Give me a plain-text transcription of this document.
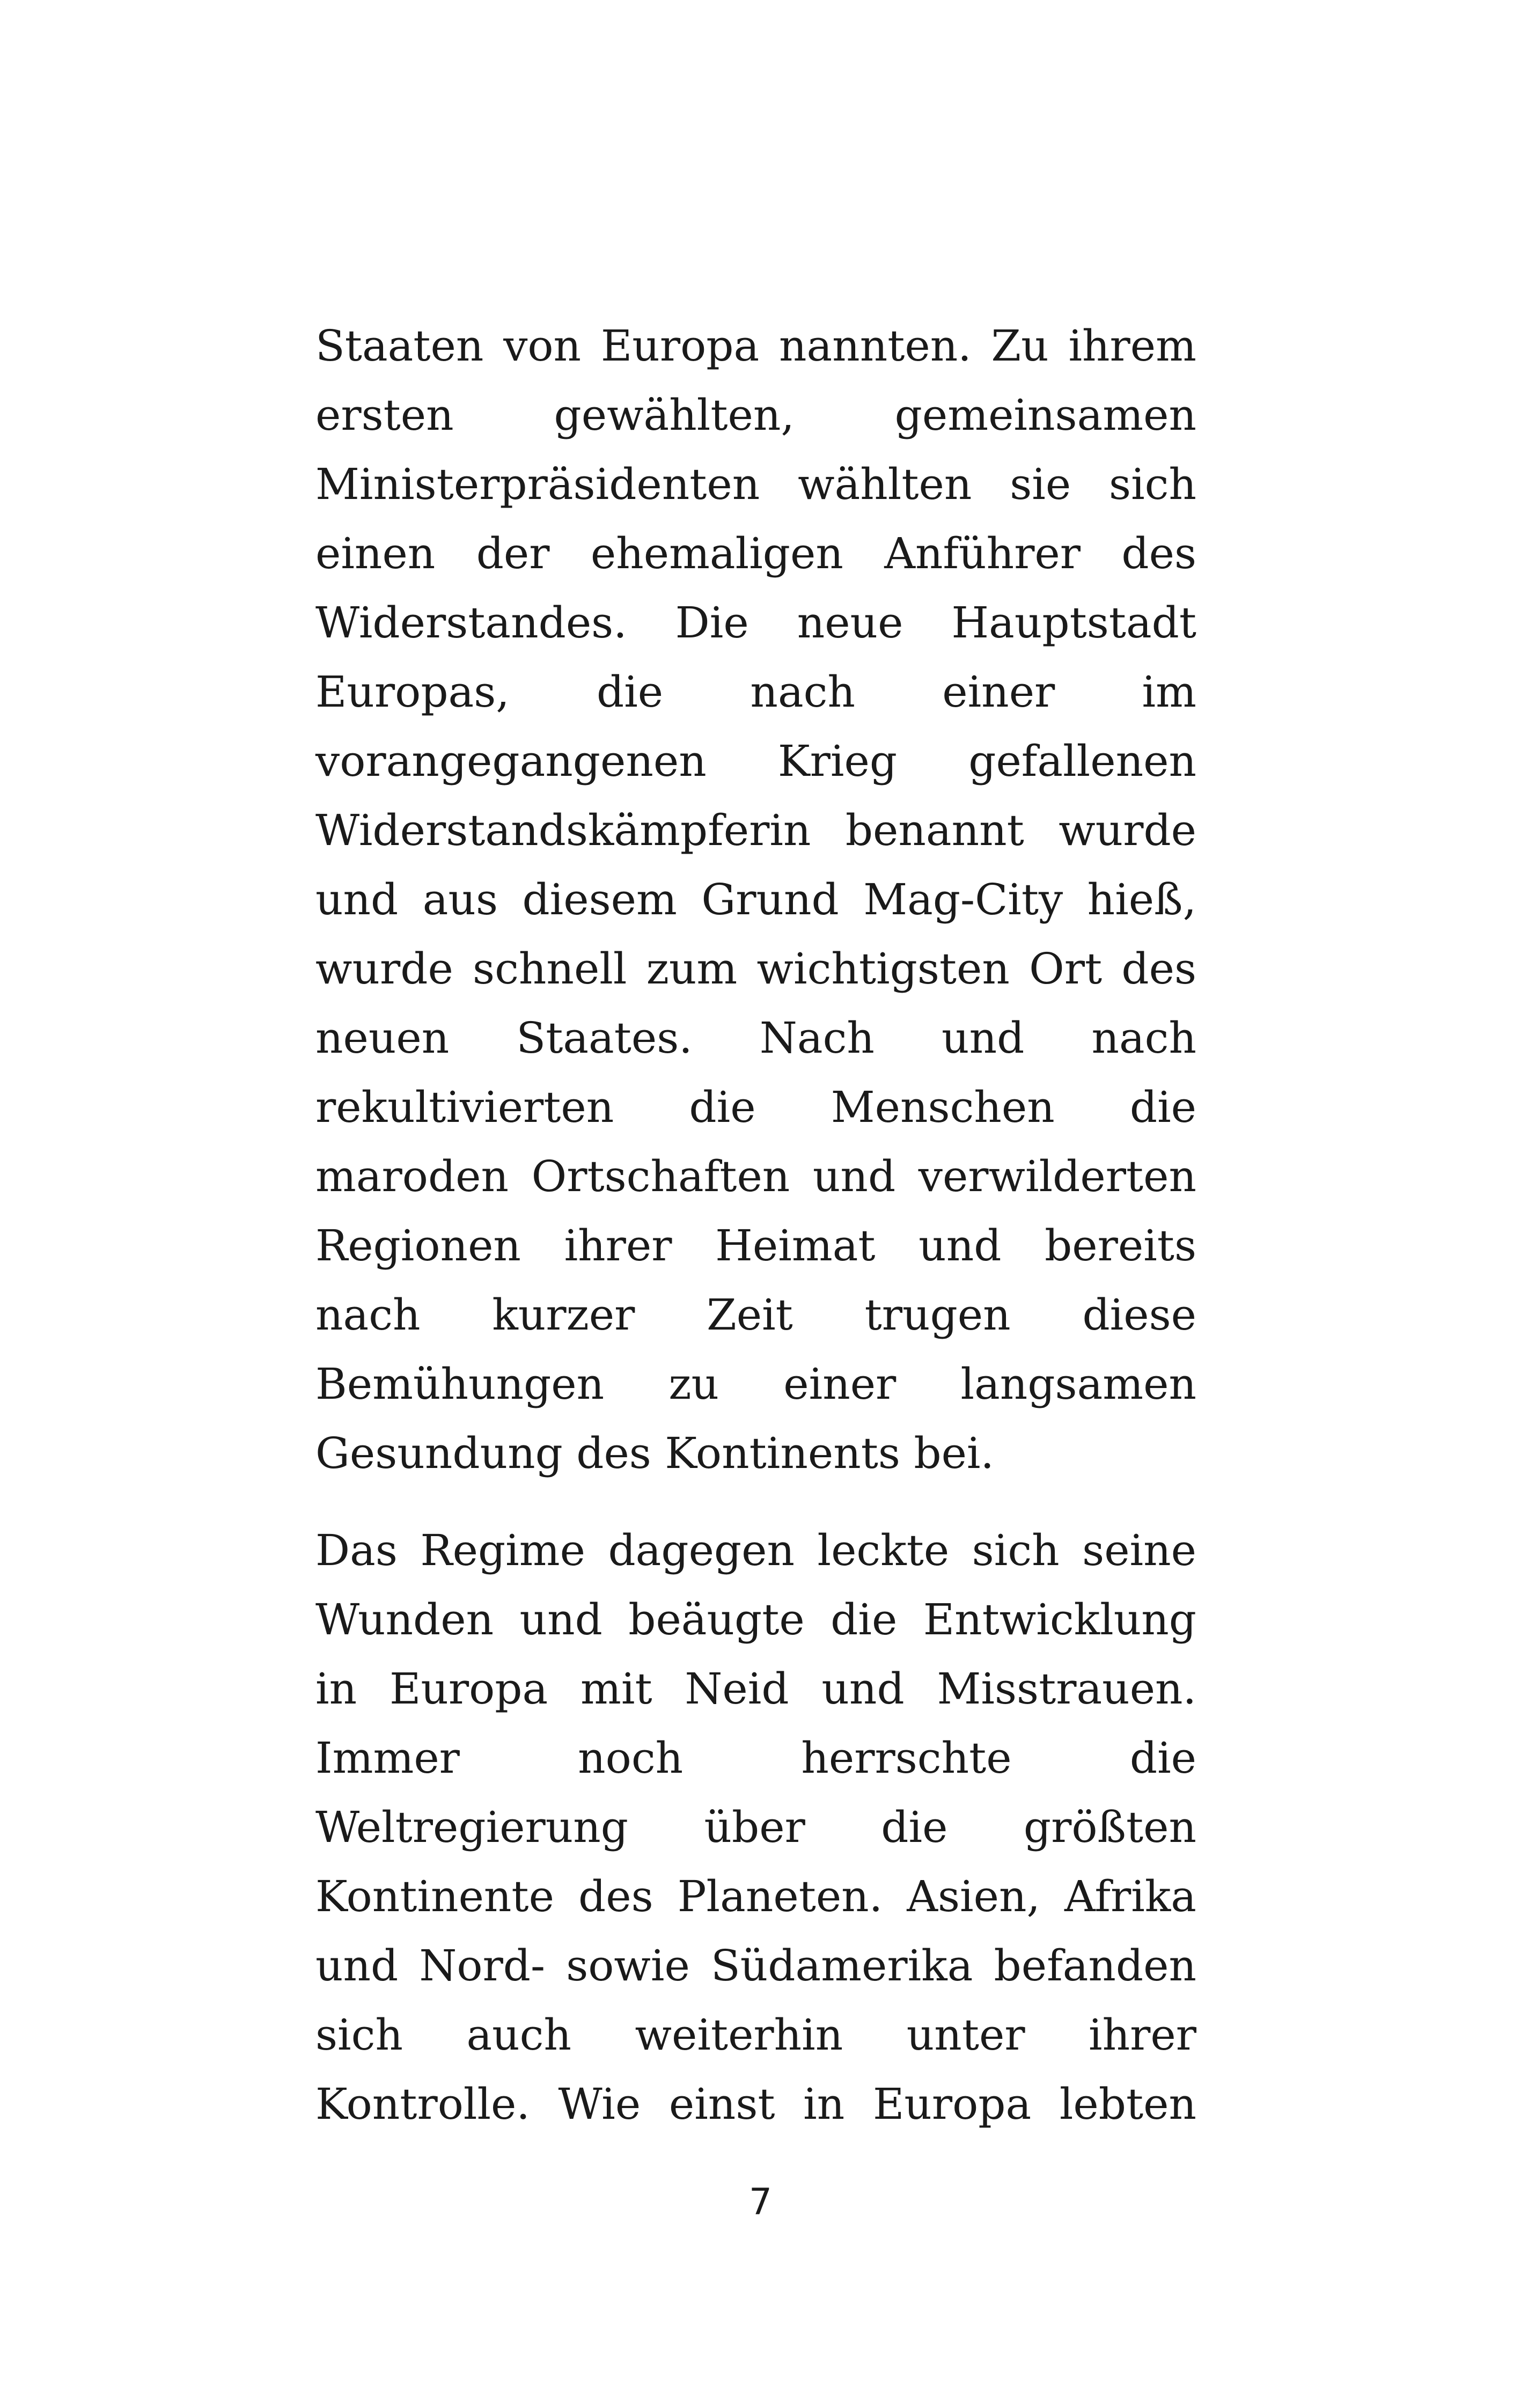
Staaten von Europa nannten. Zu ihrem
ersten gewählten, gemeinsamen
Ministerpräsidenten wählten sie sich
einen der ehemaligen Anführer des
Widerstandes. Die neue Hauptstadt
Europas, die nach einer im
vorangegangenen Krieg gefallenen
Widerstandskämpferin benannt wurde
und aus diesem Grund Mag-City hieß,
wurde schnell zum wichtigsten Ort des
neuen Staates. Nach und nach
rekultivierten die Menschen die
maroden Ortschaften und verwilderten
Regionen ihrer Heimat und bereits
nach kurzer Zeit trugen diese
Bemühungen zu einer langsamen
Gesundung des Kontinents bei.
Das Regime dagegen leckte sich seine
Wunden und beäugte die Entwicklung
in Europa mit Neid und Misstrauen.
Immer noch herrschte die
Weltregierung über die größten
Kontinente des Planeten. Asien, Afrika
und Nord- sowie Südamerika befanden
sich auch weiterhin unter ihrer
Kontrolle. Wie einst in Europa lebten
7
